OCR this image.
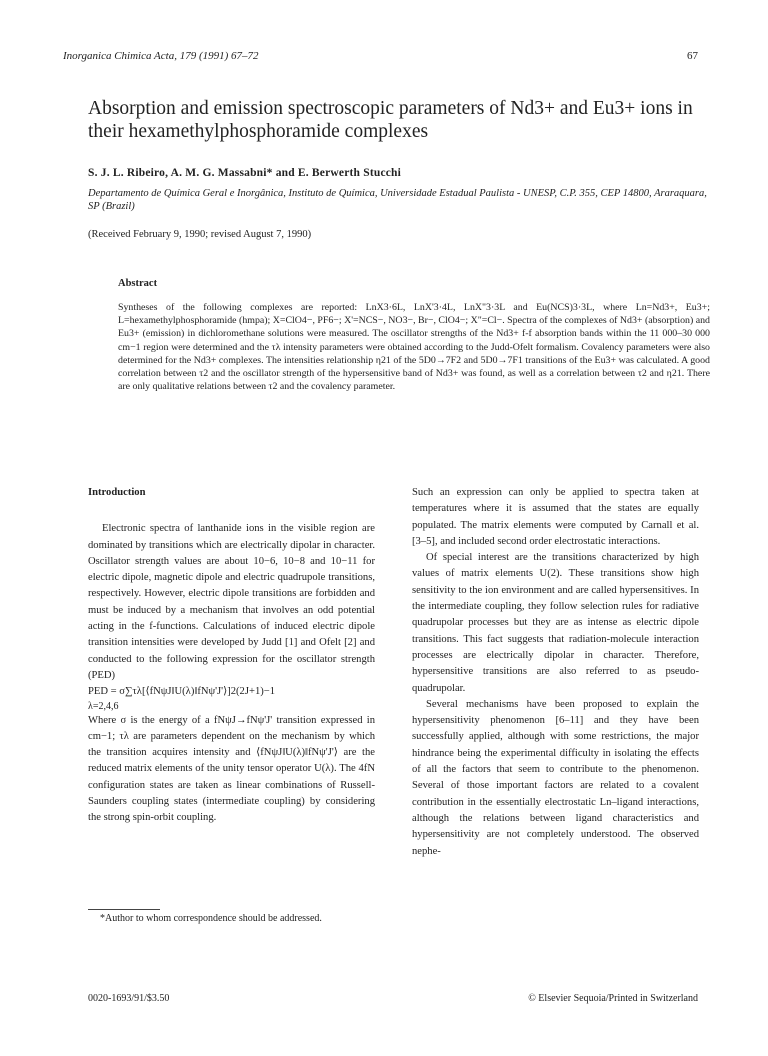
Inorganica Chimica Acta, 179 (1991) 67–72	67
Absorption and emission spectroscopic parameters of Nd3+ and Eu3+ ions in their hexamethylphosphoramide complexes
S. J. L. Ribeiro, A. M. G. Massabni* and E. Berwerth Stucchi
Departamento de Química Geral e Inorgânica, Instituto de Química, Universidade Estadual Paulista - UNESP, C.P. 355, CEP 14800, Araraquara, SP (Brazil)
(Received February 9, 1990; revised August 7, 1990)
Abstract
Syntheses of the following complexes are reported: LnX3·6L, LnX'3·4L, LnX"3·3L and Eu(NCS)3·3L, where Ln=Nd3+, Eu3+; L=hexamethylphosphoramide (hmpa); X=ClO4−, PF6−; X'=NCS−, NO3−, Br−, ClO4−; X"=Cl−. Spectra of the complexes of Nd3+ (absorption) and Eu3+ (emission) in dichloromethane solutions were measured. The oscillator strengths of the Nd3+ f-f absorption bands within the 11 000–30 000 cm−1 region were determined and the τλ intensity parameters were obtained according to the Judd-Ofelt formalism. Covalency parameters were also determined for the Nd3+ complexes. The intensities relationship η21 of the 5D0→7F2 and 5D0→7F1 transitions of the Eu3+ was calculated. A good correlation between τ2 and the oscillator strength of the hypersensitive band of Nd3+ was found, as well as a correlation between τ2 and η21. There are only qualitative relations between τ2 and the covalency parameter.
Introduction

Electronic spectra of lanthanide ions in the visible region are dominated by transitions which are electrically dipolar in character. Oscillator strength values are about 10−6, 10−8 and 10−11 for electric dipole, magnetic dipole and electric quadrupole transitions, respectively. However, electric dipole transitions are forbidden and must be induced by a mechanism that involves an odd potential acting in the f-functions. Calculations of induced electric dipole transition intensities were developed by Judd [1] and Ofelt [2] and conducted to the following expression for the oscillator strength (PED)

PED = σ∑τλ[⟨fNψJ‖U(λ)‖fNψ'J'⟩]2(2J+1)−1

λ=2,4,6

Where σ is the energy of a fNψJ→fNψ'J' transition expressed in cm−1; τλ are parameters dependent on the mechanism by which the transition acquires intensity and ⟨fNψJ‖U(λ)‖fNψ'J'⟩ are the reduced matrix elements of the unity tensor operator U(λ). The 4fN configuration states are taken as linear combinations of Russell-Saunders coupling states (intermediate coupling) by considering the strong spin-orbit coupling.

Such an expression can only be applied to spectra taken at temperatures where it is assumed that the states are equally populated. The matrix elements were computed by Carnall et al. [3–5], and included second order electrostatic interactions.

Of special interest are the transitions characterized by high values of matrix elements U(2). These transitions show high sensitivity to the ion environment and are called hypersensitives. In the intermediate coupling, they follow selection rules for radiative quadrupolar processes but they are as intense as electric dipole transitions. This fact suggests that radiation-molecule interaction processes are electrically dipolar in character. Therefore, hypersensitive transitions are also referred to as pseudo-quadrupolar.

Several mechanisms have been proposed to explain the hypersensitivity phenomenon [6–11] and they have been successfully applied, although with some restrictions, the major hindrance being the experimental difficulty in isolating the effects of all the factors that seem to contribute to the phenomenon. Several of those important factors are related to a covalent contribution in the essentially electrostatic Ln–ligand interactions, although the relations between ligand characteristics and hypersensitivity are not completely understood. The observed nephe-

*Author to whom correspondence should be addressed.
0020-1693/91/$3.50	© Elsevier Sequoia/Printed in Switzerland
